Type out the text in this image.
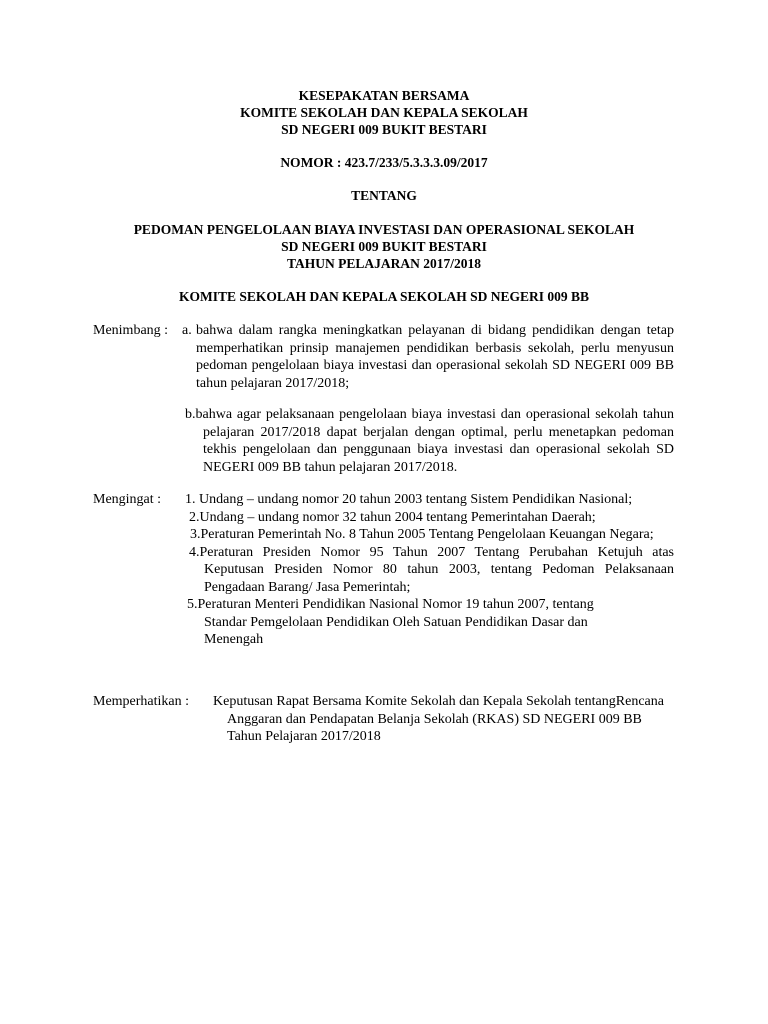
KESEPAKATAN BERSAMA
KOMITE SEKOLAH DAN KEPALA SEKOLAH
SD NEGERI 009 BUKIT BESTARI
NOMOR : 423.7/233/5.3.3.3.09/2017
TENTANG
PEDOMAN PENGELOLAAN BIAYA INVESTASI DAN OPERASIONAL SEKOLAH
SD NEGERI 009 BUKIT BESTARI
TAHUN PELAJARAN 2017/2018
KOMITE SEKOLAH DAN KEPALA SEKOLAH SD NEGERI 009 BB
Menimbang : a. bahwa dalam rangka meningkatkan pelayanan di bidang pendidikan dengan tetap memperhatikan prinsip manajemen pendidikan berbasis sekolah, perlu menyusun pedoman pengelolaan biaya investasi dan operasional sekolah SD NEGERI 009 BB tahun pelajaran 2017/2018;
b.bahwa agar pelaksanaan pengelolaan biaya investasi dan operasional sekolah tahun pelajaran 2017/2018 dapat berjalan dengan optimal, perlu menetapkan pedoman tekhis pengelolaan dan penggunaan biaya investasi dan operasional sekolah SD NEGERI 009 BB tahun pelajaran 2017/2018.
Mengingat : 1. Undang – undang nomor 20 tahun 2003 tentang Sistem Pendidikan Nasional;
2.Undang – undang nomor 32 tahun 2004 tentang Pemerintahan Daerah;
3.Peraturan Pemerintah No. 8 Tahun 2005 Tentang Pengelolaan Keuangan Negara;
4.Peraturan Presiden Nomor 95 Tahun 2007 Tentang Perubahan Ketujuh atas Keputusan Presiden Nomor 80 tahun 2003, tentang Pedoman Pelaksanaan Pengadaan Barang/ Jasa Pemerintah;
5.Peraturan Menteri Pendidikan Nasional Nomor 19 tahun 2007, tentang Standar Pemgelolaan Pendidikan Oleh Satuan Pendidikan Dasar dan Menengah
Memperhatikan : Keputusan Rapat Bersama Komite Sekolah dan Kepala Sekolah tentangRencana Anggaran dan Pendapatan Belanja Sekolah (RKAS) SD NEGERI 009 BB Tahun Pelajaran 2017/2018
